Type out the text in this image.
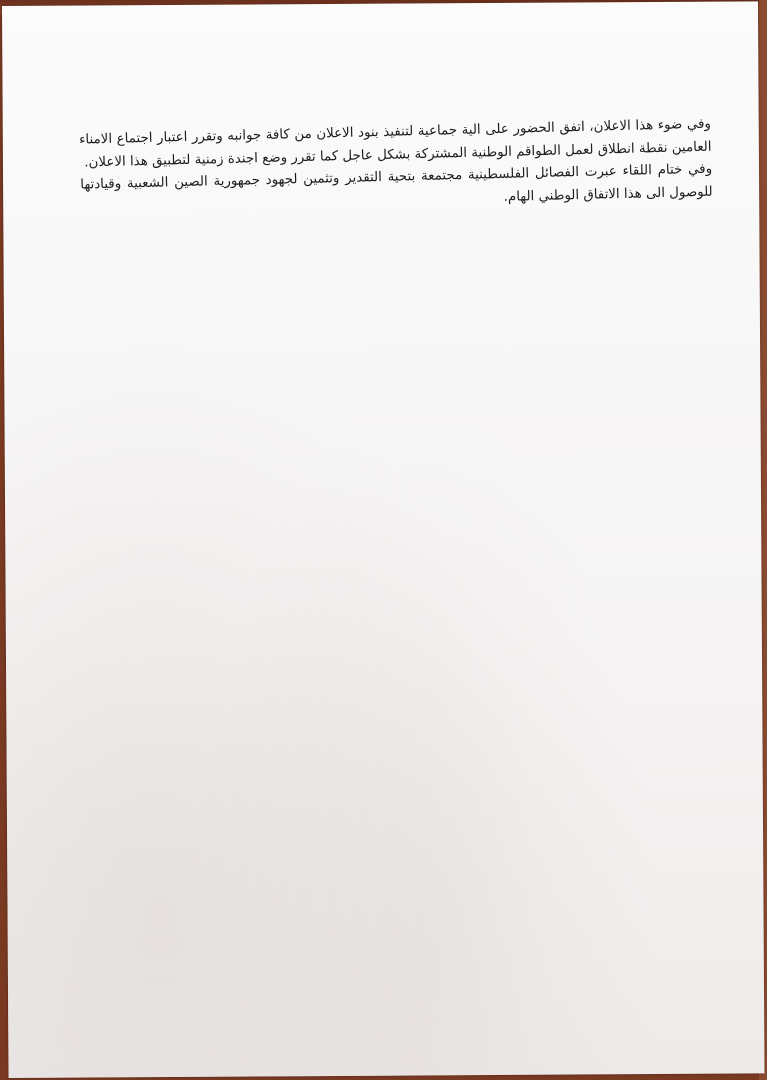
وفي ضوء هذا الاعلان، اتفق الحضور على الية جماعية لتنفيذ بنود الاعلان من كافة جوانبه وتقرر اعتبار اجتماع الامناء العامين نقطة انطلاق لعمل الطواقم الوطنية المشتركة بشكل عاجل كما تقرر وضع اجندة زمنية لتطبيق هذا الاعلان.

وفي ختام اللقاء عبرت الفصائل الفلسطينية مجتمعة بتحية التقدير وتثمين لجهود جمهورية الصين الشعبية وقيادتها للوصول الى هذا الاتفاق الوطني الهام.
